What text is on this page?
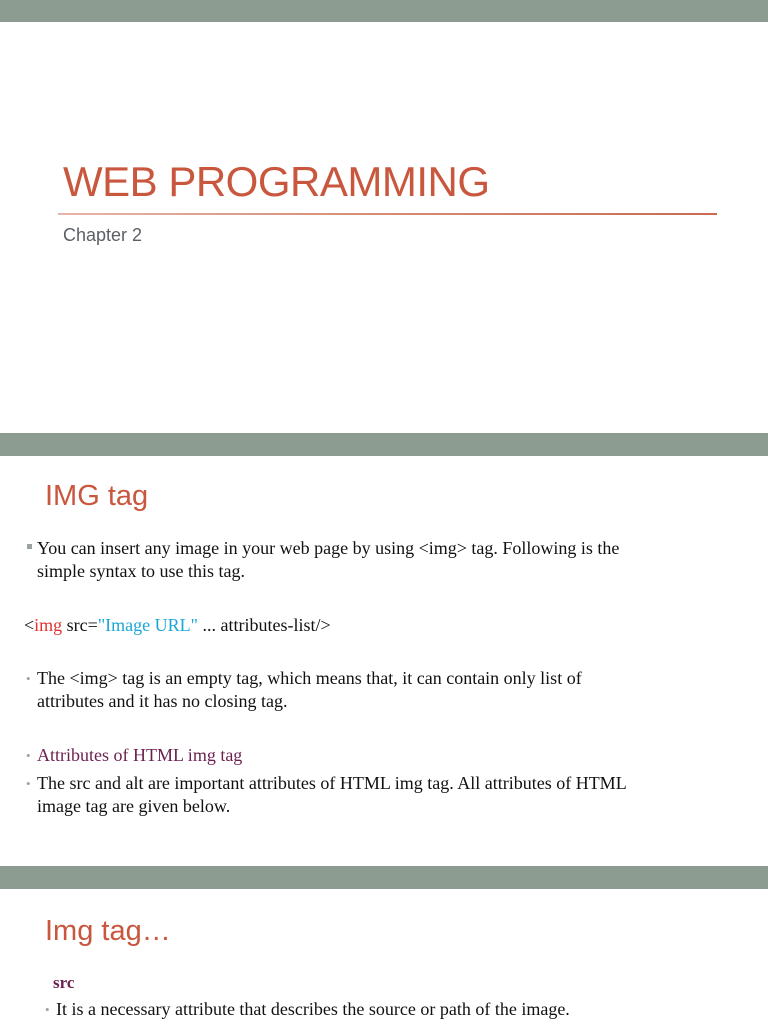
WEB PROGRAMMING
Chapter 2
IMG tag
You can insert any image in your web page by using <img> tag. Following is the
simple syntax to use this tag.
<img src="Image URL" ... attributes-list/>
• The <img> tag is an empty tag, which means that, it can contain only list of
attributes and it has no closing tag.
• Attributes of HTML img tag
• The src and alt are important attributes of HTML img tag. All attributes of HTML
image tag are given below.
Img tag…
src
• It is a necessary attribute that describes the source or path of the image.
